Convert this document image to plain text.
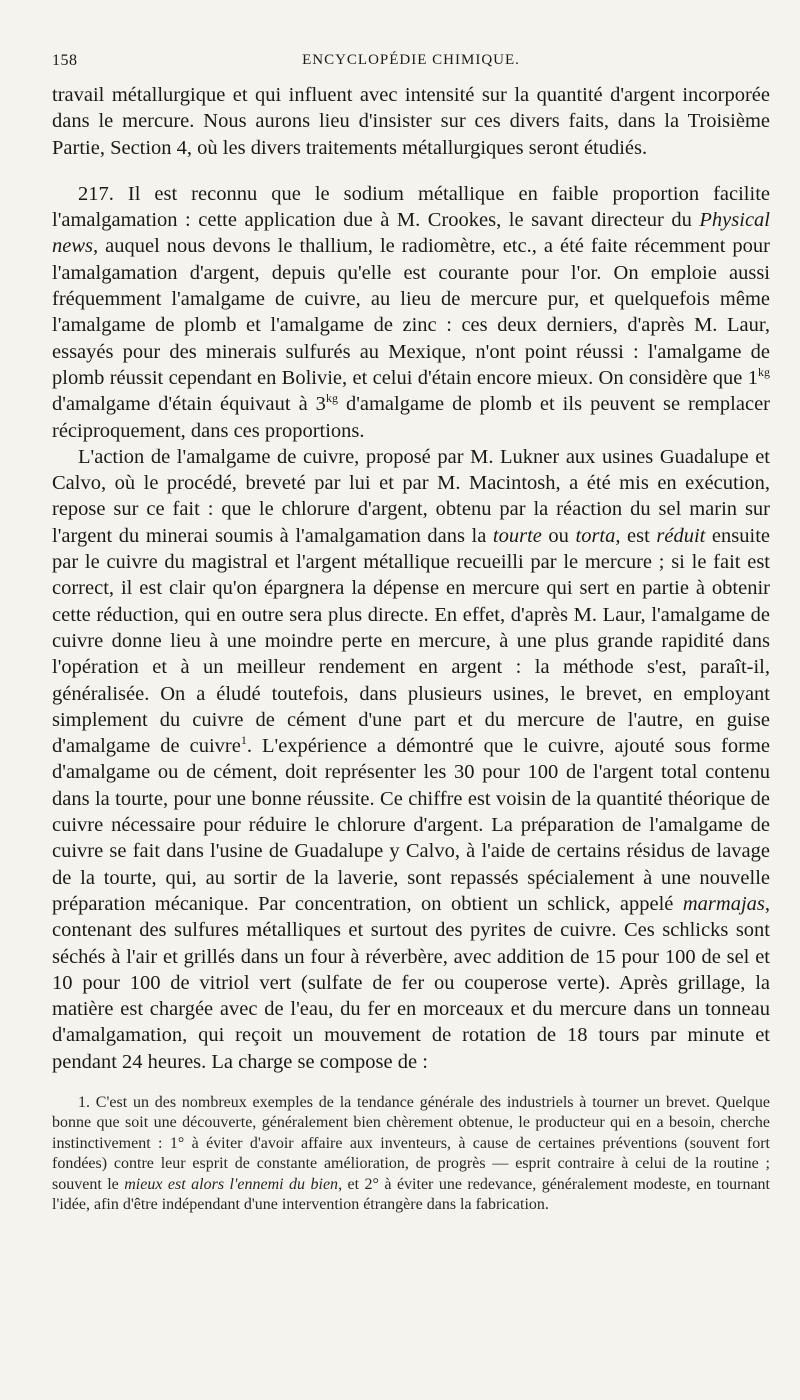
158	ENCYCLOPÉDIE CHIMIQUE.

travail métallurgique et qui influent avec intensité sur la quantité d'argent incorporée dans le mercure. Nous aurons lieu d'insister sur ces divers faits, dans la Troisième Partie, Section 4, où les divers traitements métallurgiques seront étudiés.

217. Il est reconnu que le sodium métallique en faible proportion facilite l'amalgamation : cette application due à M. Crookes, le savant directeur du Physical news, auquel nous devons le thallium, le radiomètre, etc., a été faite récemment pour l'amalgamation d'argent, depuis qu'elle est courante pour l'or. On emploie aussi fréquemment l'amalgame de cuivre, au lieu de mercure pur, et quelquefois même l'amalgame de plomb et l'amalgame de zinc : ces deux derniers, d'après M. Laur, essayés pour des minerais sulfurés au Mexique, n'ont point réussi : l'amalgame de plomb réussit cependant en Bolivie, et celui d'étain encore mieux. On considère que $1^{kg}$ d'amalgame d'étain équivaut à $3^{kg}$ d'amalgame de plomb et ils peuvent se remplacer réciproquement, dans ces proportions.

L'action de l'amalgame de cuivre, proposé par M. Lukner aux usines Guadalupe et Calvo, où le procédé, breveté par lui et par M. Macintosh, a été mis en exécution, repose sur ce fait : que le chlorure d'argent, obtenu par la réaction du sel marin sur l'argent du minerai soumis à l'amalgamation dans la tourte ou torta, est réduit ensuite par le cuivre du magistral et l'argent métallique recueilli par le mercure ; si le fait est correct, il est clair qu'on épargnera la dépense en mercure qui sert en partie à obtenir cette réduction, qui en outre sera plus directe. En effet, d'après M. Laur, l'amalgame de cuivre donne lieu à une moindre perte en mercure, à une plus grande rapidité dans l'opération et à un meilleur rendement en argent : la méthode s'est, paraît-il, généralisée. On a éludé toutefois, dans plusieurs usines, le brevet, en employant simplement du cuivre de cément d'une part et du mercure de l'autre, en guise d'amalgame de cuivre$^1$. L'expérience a démontré que le cuivre, ajouté sous forme d'amalgame ou de cément, doit représenter les 30 pour 100 de l'argent total contenu dans la tourte, pour une bonne réussite. Ce chiffre est voisin de la quantité théorique de cuivre nécessaire pour réduire le chlorure d'argent. La préparation de l'amalgame de cuivre se fait dans l'usine de Guadalupe y Calvo, à l'aide de certains résidus de lavage de la tourte, qui, au sortir de la laverie, sont repassés spécialement à une nouvelle préparation mécanique. Par concentration, on obtient un schlick, appelé marmajas, contenant des sulfures métalliques et surtout des pyrites de cuivre. Ces schlicks sont séchés à l'air et grillés dans un four à réverbère, avec addition de 15 pour 100 de sel et 10 pour 100 de vitriol vert (sulfate de fer ou couperose verte). Après grillage, la matière est chargée avec de l'eau, du fer en morceaux et du mercure dans un tonneau d'amalgamation, qui reçoit un mouvement de rotation de 18 tours par minute et pendant 24 heures. La charge se compose de :

1. C'est un des nombreux exemples de la tendance générale des industriels à tourner un brevet. Quelque bonne que soit une découverte, généralement bien chèrement obtenue, le producteur qui en a besoin, cherche instinctivement : 1° à éviter d'avoir affaire aux inventeurs, à cause de certaines préventions (souvent fort fondées) contre leur esprit de constante amélioration, de progrès — esprit contraire à celui de la routine ; souvent le mieux est alors l'ennemi du bien, et 2° à éviter une redevance, généralement modeste, en tournant l'idée, afin d'être indépendant d'une intervention étrangère dans la fabrication.
